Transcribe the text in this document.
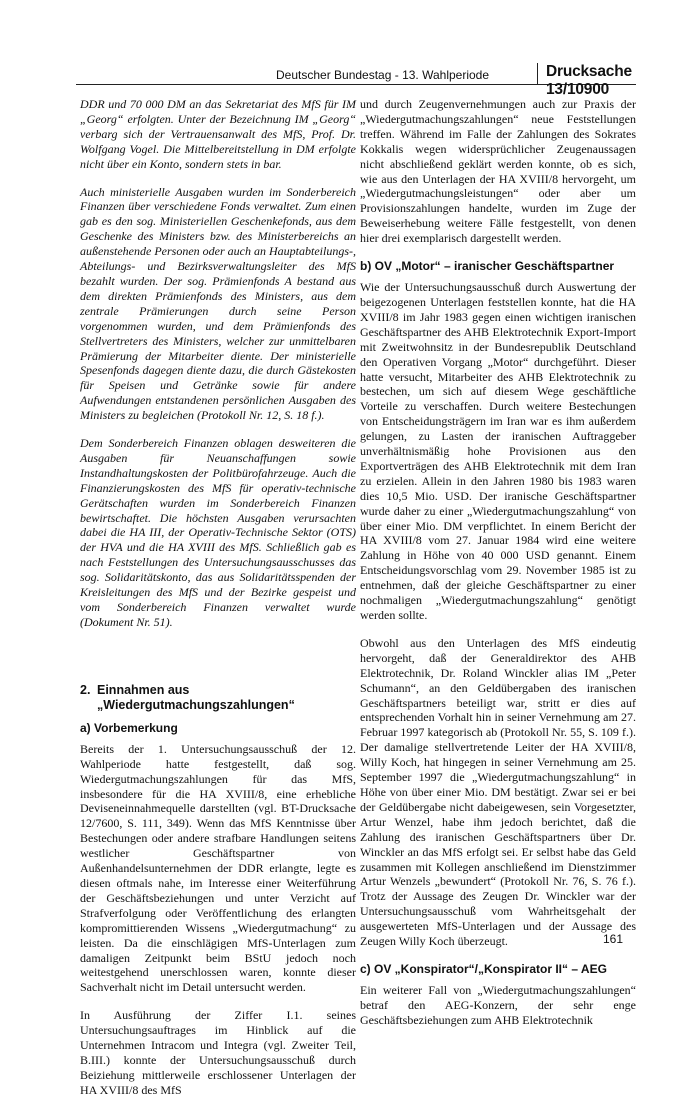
Deutscher Bundestag - 13. Wahlperiode	Drucksache 13/10900

DDR und 70 000 DM an das Sekretariat des MfS für IM „Georg“ erfolgten. Unter der Bezeichnung IM „Georg“ verbarg sich der Vertrauensanwalt des MfS, Prof. Dr. Wolfgang Vogel. Die Mittelbereitstellung in DM erfolgte nicht über ein Konto, sondern stets in bar.

Auch ministerielle Ausgaben wurden im Sonderbereich Finanzen über verschiedene Fonds verwaltet. Zum einen gab es den sog. Ministeriellen Geschenkefonds, aus dem Geschenke des Ministers bzw. des Ministerbereichs an außenstehende Personen oder auch an Hauptabteilungs-, Abteilungs- und Bezirksverwaltungsleiter des MfS bezahlt wurden. Der sog. Prämienfonds A bestand aus dem direkten Prämienfonds des Ministers, aus dem zentrale Prämierungen durch seine Person vorgenommen wurden, und dem Prämienfonds des Stellvertreters des Ministers, welcher zur unmittelbaren Prämierung der Mitarbeiter diente. Der ministerielle Spesenfonds dagegen diente dazu, die durch Gästekosten für Speisen und Getränke sowie für andere Aufwendungen entstandenen persönlichen Ausgaben des Ministers zu begleichen (Protokoll Nr. 12, S. 18 f.).

Dem Sonderbereich Finanzen oblagen desweiteren die Ausgaben für Neuanschaffungen sowie Instandhaltungskosten der Politbürofahrzeuge. Auch die Finanzierungskosten des MfS für operativ-technische Gerätschaften wurden im Sonderbereich Finanzen bewirtschaftet. Die höchsten Ausgaben verursachten dabei die HA III, der Operativ-Technische Sektor (OTS) der HVA und die HA XVIII des MfS. Schließlich gab es nach Feststellungen des Untersuchungsausschusses das sog. Solidaritätskonto, das aus Solidaritätsspenden der Kreisleitungen des MfS und der Bezirke gespeist und vom Sonderbereich Finanzen verwaltet wurde (Dokument Nr. 51).

2. Einnahmen aus
„Wiedergutmachungszahlungen“
a) Vorbemerkung

Bereits der 1. Untersuchungsausschuß der 12. Wahlperiode hatte festgestellt, daß sog. Wiedergutmachungszahlungen für das MfS, insbesondere für die HA XVIII/8, eine erhebliche Deviseneinnahmequelle darstellten (vgl. BT-Drucksache 12/7600, S. 111, 349). Wenn das MfS Kenntnisse über Bestechungen oder andere strafbare Handlungen seitens westlicher Geschäftspartner von Außenhandelsunternehmen der DDR erlangte, legte es diesen oftmals nahe, im Interesse einer Weiterführung der Geschäftsbeziehungen und unter Verzicht auf Strafverfolgung oder Veröffentlichung des erlangten kompromittierenden Wissens „Wiedergutmachung“ zu leisten. Da die einschlägigen MfS-Unterlagen zum damaligen Zeitpunkt beim BStU jedoch noch weitestgehend unerschlossen waren, konnte dieser Sachverhalt nicht im Detail untersucht werden.

In Ausführung der Ziffer I.1. seines Untersuchungsauftrages im Hinblick auf die Unternehmen Intracom und Integra (vgl. Zweiter Teil, B.III.) konnte der Untersuchungsausschuß durch Beiziehung mittlerweile erschlossener Unterlagen der HA XVIII/8 des MfS

und durch Zeugenvernehmungen auch zur Praxis der „Wiedergutmachungszahlungen“ neue Feststellungen treffen. Während im Falle der Zahlungen des Sokrates Kokkalis wegen widersprüchlicher Zeugenaussagen nicht abschließend geklärt werden konnte, ob es sich, wie aus den Unterlagen der HA XVIII/8 hervorgeht, um „Wiedergutmachungsleistungen“ oder aber um Provisionszahlungen handelte, wurden im Zuge der Beweiserhebung weitere Fälle festgestellt, von denen hier drei exemplarisch dargestellt werden.

b) OV „Motor“ – iranischer Geschäftspartner

Wie der Untersuchungsausschuß durch Auswertung der beigezogenen Unterlagen feststellen konnte, hat die HA XVIII/8 im Jahr 1983 gegen einen wichtigen iranischen Geschäftspartner des AHB Elektrotechnik Export-Import mit Zweitwohnsitz in der Bundesrepublik Deutschland den Operativen Vorgang „Motor“ durchgeführt. Dieser hatte versucht, Mitarbeiter des AHB Elektrotechnik zu bestechen, um sich auf diesem Wege geschäftliche Vorteile zu verschaffen. Durch weitere Bestechungen von Entscheidungsträgern im Iran war es ihm außerdem gelungen, zu Lasten der iranischen Auftraggeber unverhältnismäßig hohe Provisionen aus den Exportverträgen des AHB Elektrotechnik mit dem Iran zu erzielen. Allein in den Jahren 1980 bis 1983 waren dies 10,5 Mio. USD. Der iranische Geschäftspartner wurde daher zu einer „Wiedergutmachungszahlung“ von über einer Mio. DM verpflichtet. In einem Bericht der HA XVIII/8 vom 27. Januar 1984 wird eine weitere Zahlung in Höhe von 40 000 USD genannt. Einem Entscheidungsvorschlag vom 29. November 1985 ist zu entnehmen, daß der gleiche Geschäftspartner zu einer nochmaligen „Wiedergutmachungszahlung“ genötigt werden sollte.

Obwohl aus den Unterlagen des MfS eindeutig hervorgeht, daß der Generaldirektor des AHB Elektrotechnik, Dr. Roland Winckler alias IM „Peter Schumann“, an den Geldübergaben des iranischen Geschäftspartners beteiligt war, stritt er dies auf entsprechenden Vorhalt hin in seiner Vernehmung am 27. Februar 1997 kategorisch ab (Protokoll Nr. 55, S. 109 f.). Der damalige stellvertretende Leiter der HA XVIII/8, Willy Koch, hat hingegen in seiner Vernehmung am 25. September 1997 die „Wiedergutmachungszahlung“ in Höhe von über einer Mio. DM bestätigt. Zwar sei er bei der Geldübergabe nicht dabeigewesen, sein Vorgesetzter, Artur Wenzel, habe ihm jedoch berichtet, daß die Zahlung des iranischen Geschäftspartners über Dr. Winckler an das MfS erfolgt sei. Er selbst habe das Geld zusammen mit Kollegen anschließend im Dienstzimmer Artur Wenzels „bewundert“ (Protokoll Nr. 76, S. 76 f.). Trotz der Aussage des Zeugen Dr. Winckler war der Untersuchungsausschuß vom Wahrheitsgehalt der ausgewerteten MfS-Unterlagen und der Aussage des Zeugen Willy Koch überzeugt.

c) OV „Konspirator“/„Konspirator II“ – AEG

Ein weiterer Fall von „Wiedergutmachungszahlungen“ betraf den AEG-Konzern, der sehr enge Geschäftsbeziehungen zum AHB Elektrotechnik

161
